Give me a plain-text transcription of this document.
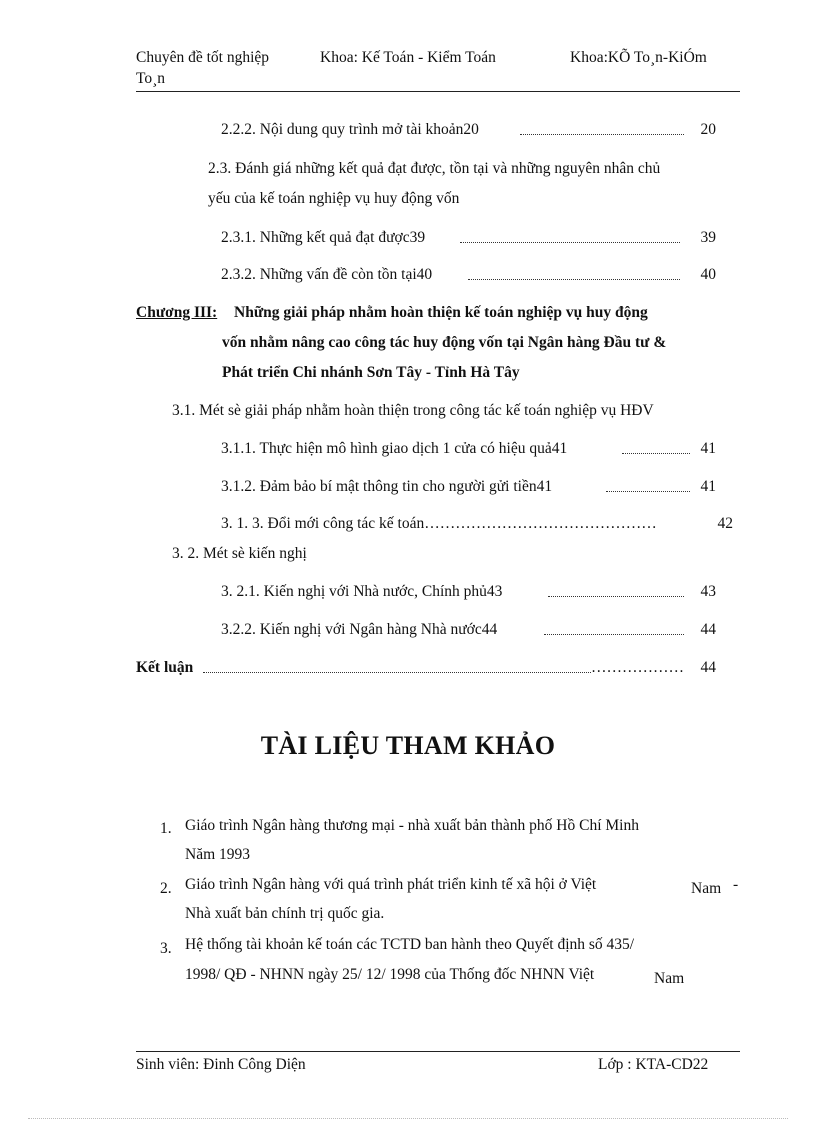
Chuyên đề tốt nghiệp
To¸n
Khoa: Kế Toán - Kiểm Toán	Khoa:KÕ To¸n-KiÓm
2.2.2. Nội dung quy trình mở tài khoản20	20
2.3. Đánh giá những kết quả đạt được, tồn tại và những nguyên nhân chủ
yếu của kế toán nghiệp vụ huy động vốn
2.3.1. Những kết quả đạt được39	39
2.3.2. Những vấn đề còn tồn tại40	40
Chương III: Những giải pháp nhằm hoàn thiện kế toán nghiệp vụ huy động
vốn nhằm nâng cao công tác huy động vốn tại Ngân hàng Đầu tư &
Phát triển Chi nhánh Sơn Tây - Tỉnh Hà Tây
3.1. Mét sè giải pháp nhằm hoàn thiện trong công tác kế toán nghiệp vụ HĐV
3.1.1. Thực hiện mô hình giao dịch 1 cửa có hiệu quả41	41
3.1.2. Đảm bảo bí mật thông tin cho người gửi tiền41	41
3. 1. 3. Đổi mới công tác kế toán………………………………………	42
3. 2. Mét sè kiến nghị
3. 2.1. Kiến nghị với Nhà nước, Chính phủ43	43
3.2.2. Kiến nghị với Ngân hàng Nhà nước44	44
Kết luận	………………	44
TÀI LIỆU THAM KHẢO
1. Giáo trình Ngân hàng thương mại - nhà xuất bản thành phố Hồ Chí Minh
Năm 1993
2. Giáo trình Ngân hàng với quá trình phát triển kinh tế xã hội ở Việt	Nam -
Nhà xuất bản chính trị quốc gia.
3. Hệ thống tài khoản kế toán các TCTD ban hành theo Quyết định số 435/
1998/ QĐ - NHNN ngày 25/ 12/ 1998 của Thống đốc NHNN Việt	Nam
Sinh viên: Đinh Công Diện	Lớp : KTA-CD22
